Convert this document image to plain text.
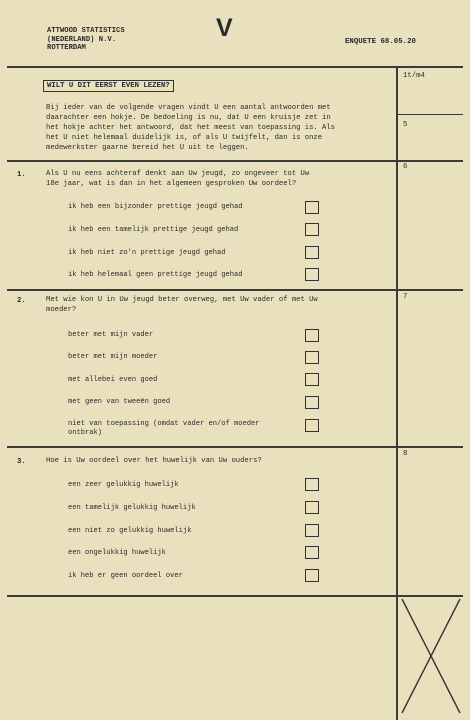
ATTWOOD STATISTICS
(NEDERLAND) N.V.
ROTTERDAM
V	ENQUETE 68.05.20
WILT U DIT EERST EVEN LEZEN?
Bij ieder van de volgende vragen vindt U een aantal antwoorden met
daarachter een hokje. De bedoeling is nu, dat U een kruisje zet in
het hokje achter het antwoord, dat het meest van toepassing is. Als
het U niet helemaal duidelijk is, of als U twijfelt, dan is onze
medewerkster gaarne bereid het U uit te leggen.
1t/m4
5
1.
6
Als U nu eens achteraf denkt aan Uw jeugd, zo ongeveer tot Uw
18e jaar, wat is dan in het algemeen gesproken Uw oordeel?
ik heb een bijzonder prettige jeugd gehad
ik heb een tamelijk prettige jeugd gehad
ik heb niet zo'n prettige jeugd gehad
ik heb helemaal geen prettige jeugd gehad
2.	7
Met wie kon U in Uw jeugd beter overweg, met Uw vader of met Uw
moeder?
beter met mijn vader
beter met mijn moeder
met allebei even goed
met geen van tweeën goed
niet van toepassing (omdat vader en/of moeder
ontbrak)
3.
8
Hoe is Uw oordeel over het huwelijk van Uw ouders?
een zeer gelukkig huwelijk
een tamelijk gelukkig huwelijk
een niet zo gelukkig huwelijk
een ongelukkig huwelijk
ik heb er geen oordeel over
